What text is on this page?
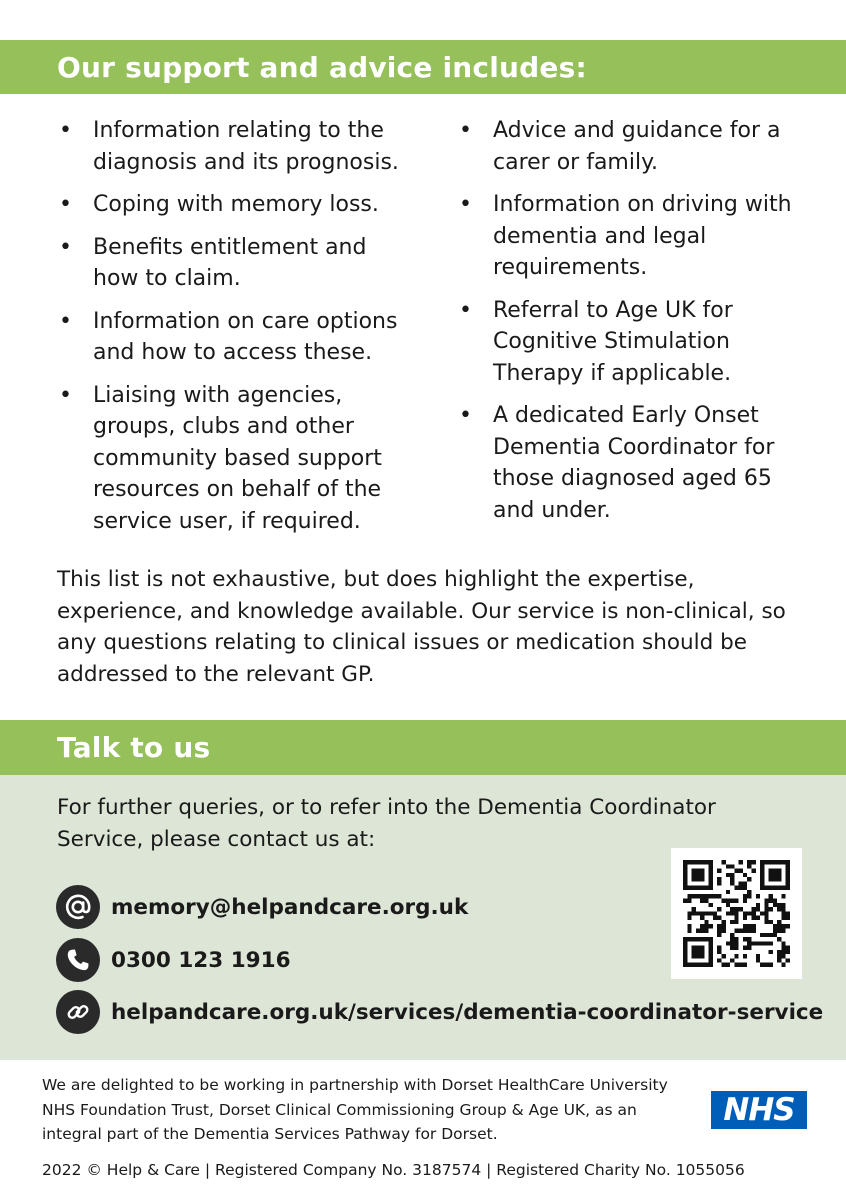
Our support and advice includes:
• Information relating to the diagnosis and its prognosis.
• Coping with memory loss.
• Benefits entitlement and how to claim.
• Information on care options and how to access these.
• Liaising with agencies, groups, clubs and other community based support resources on behalf of the service user, if required.
• Advice and guidance for a carer or family.
• Information on driving with dementia and legal requirements.
• Referral to Age UK for Cognitive Stimulation Therapy if applicable.
• A dedicated Early Onset Dementia Coordinator for those diagnosed aged 65 and under.

This list is not exhaustive, but does highlight the expertise, experience, and knowledge available. Our service is non-clinical, so any questions relating to clinical issues or medication should be addressed to the relevant GP.

Talk to us

For further queries, or to refer into the Dementia Coordinator Service, please contact us at:

memory@helpandcare.org.uk
0300 123 1916
helpandcare.org.uk/services/dementia-coordinator-service

We are delighted to be working in partnership with Dorset HealthCare University NHS Foundation Trust, Dorset Clinical Commissioning Group & Age UK, as an integral part of the Dementia Services Pathway for Dorset.

NHS

2022 © Help & Care | Registered Company No. 3187574 | Registered Charity No. 1055056
